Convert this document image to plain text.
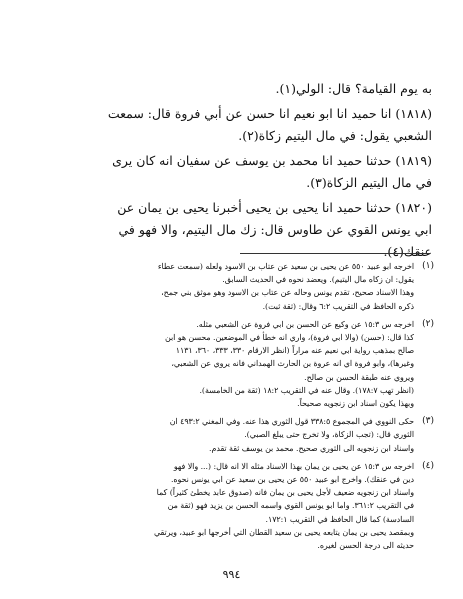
به يوم القيامة؟ قال: الولي(١).
(١٨١٨) انا حميد انا ابو نعيم انا حسن عن أبي فروة قال: سمعت
الشعبي يقول: في مال اليتيم زكاة(٢).
(١٨١٩) حدثنا حميد انا محمد بن يوسف عن سفيان انه كان يرى
في مال اليتيم الزكاة(٣).
(١٨٢٠) حدثنا حميد انا يحيى بن يحيى أخبرنا يحيى بن يمان عن
ابي يونس القوي عن طاوس قال: زك مال اليتيم، والا فهو في
عنقك(٤).
(١)
اخرجه ابو عبيد ٥٥٠ عن يحيى بن سعيد عن عتاب بن الاسود ولعله (سمعت عطاء
يقول: ان زكاه مال اليتيم). ويعضد نحوه في الحديث السابق.
وهذا الاسناد صحيح، تقدم يونس وحاله عن عتاب بن الاسود وهو موثق بني جمح،
ذكره الحافظ في التقريب ٦:٢ وقال: (ثقة ثبت).
(٢)
اخرجه س ١٥:٣ عن وكيع عن الحسن بن ابي فروة عن الشعبي مثله.
كذا قال: (حسن) (والا ابي فروة)، واري انه خطأ في الموضعين. محسن هو ابن
صالح بمذهب رواية ابي نعيم عنه مراراً (انظر الارقام ٣٣٠، ٣٣٣، ٣٦٠، ١١٣١
وغيرها)، وابو فروة اي انه عروة بن الحارث الهمداني فانه يروي عن الشعبي،
ويروي عنه طبقة الحسن بن صالح.
(انظر تهب ١٧٨:٧). وقال عنه في التقريب ١٨:٢ (ثقة من الخامسة).
وبهذا يكون اسناد ابن زنجويه صحيحاً.
(٣)
حكى النووي في المجموع ٣٣٨:٥ قول الثوري هذا عنه. وفي المغني ٤٩٣:٢ ان
الثوري قال: (تجب الزكاة، ولا تخرج حتى يبلغ الصبي).
واسناد ابن زنجويه الى الثوري صحيح. محمد بن يوسف ثقة تقدم.
(٤)
اخرجه س ١٥:٣ عن يحيى بن يمان بهذا الاسناد مثله الا انه قال: (... والا فهو
دين في عنقك). واخرج ابو عبيد ٥٥٠ عن يحيى بن سعيد عن ابي يونس نحوه.
واسناد ابن زنجويه ضعيف لأجل يحيى بن يمان فانه (صدوق عابد يخطئ كثيراً) كما
في التقريب ٣٦١:٢. واما ابو يونس القوي واسمه الحسن بن يزيد فهو (ثقة من
السادسة) كما قال الحافظ في التقريب ١٧٢:١.
وبمقصد يحيى بن يمان يتابعه يحيى بن سعيد القطان التي أخرجها ابو عبيد، ويرتقي
حديثه الى درجة الحسن لغيره.
٩٩٤
